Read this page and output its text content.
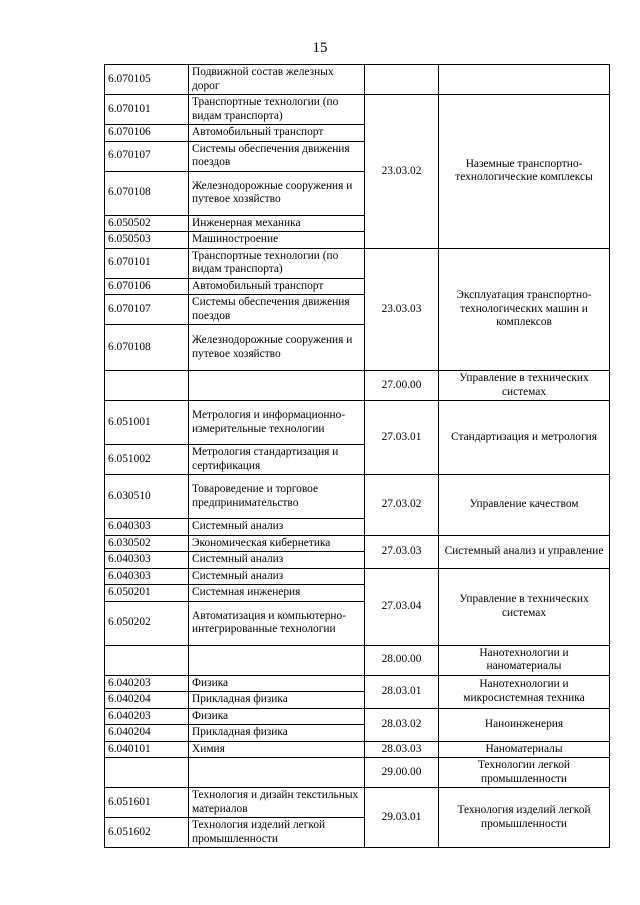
15
6.070105	Подвижной состав железных дорог		
6.070101	Транспортные технологии (по видам транспорта)	23.03.02	Наземные транспортно-технологические комплексы
6.070106	Автомобильный транспорт		
6.070107	Системы обеспечения движения поездов		
6.070108	Железнодорожные сооружения и путевое хозяйство		
6.050502	Инженерная механика		
6.050503	Машиностроение		
6.070101	Транспортные технологии (по видам транспорта)	23.03.03	Эксплуатация транспортно-технологических машин и комплексов
6.070106	Автомобильный транспорт		
6.070107	Системы обеспечения движения поездов		
6.070108	Железнодорожные сооружения и путевое хозяйство		
		27.00.00	Управление в технических системах
6.051001	Метрология и информационно-измерительные технологии	27.03.01	Стандартизация и метрология
6.051002	Метрология стандартизация и сертификация		
6.030510	Товароведение и торговое предпринимательство	27.03.02	Управление качеством
6.040303	Системный анализ		
6.030502	Экономическая кибернетика	27.03.03	Системный анализ и управление
6.040303	Системный анализ		
6.040303	Системный анализ	27.03.04	Управление в технических системах
6.050201	Системная инженерия		
6.050202	Автоматизация и компьютерно-интегрированные технологии		
		28.00.00	Нанотехнологии и наноматериалы
6.040203	Физика	28.03.01	Нанотехнологии и микросистемная техника
6.040204	Прикладная физика		
6.040203	Физика	28.03.02	Наноинженерия
6.040204	Прикладная физика		
6.040101	Химия	28.03.03	Наноматериалы
		29.00.00	Технологии легкой промышленности
6.051601	Технология и дизайн текстильных материалов	29.03.01	Технология изделий легкой промышленности
6.051602	Технология изделий легкой промышленности		
